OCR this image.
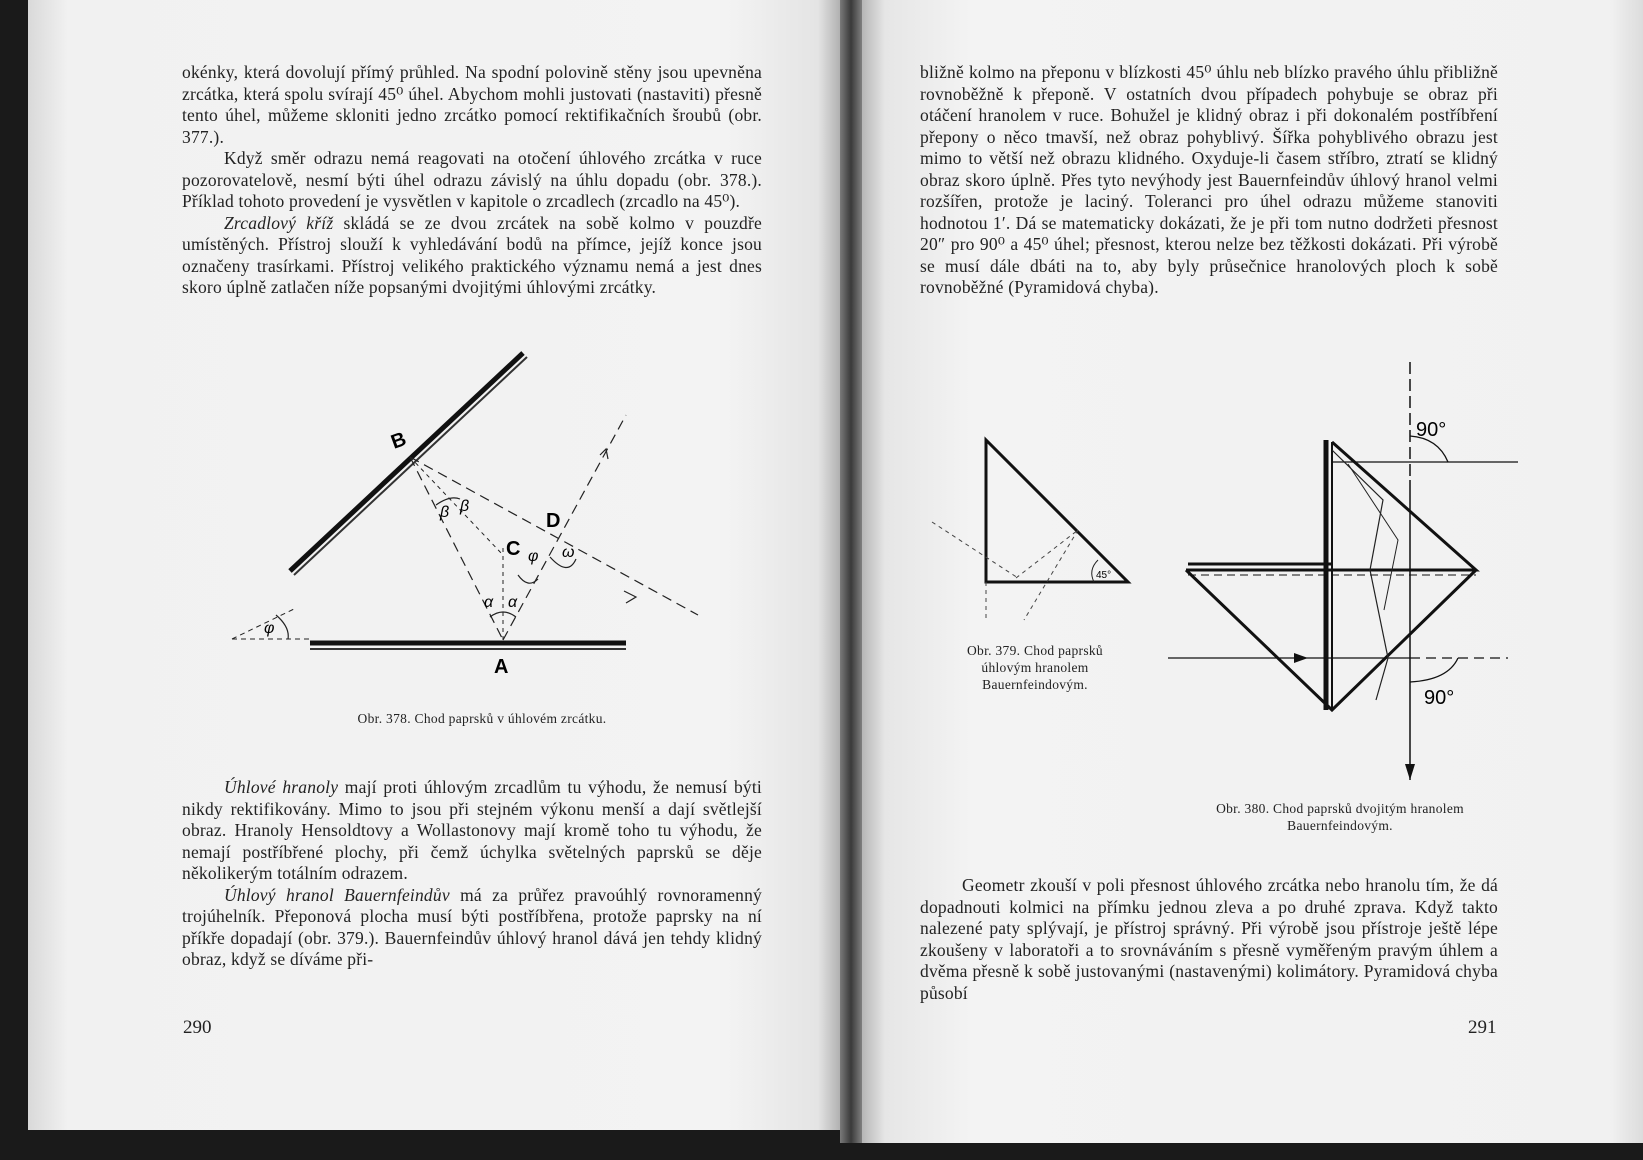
okénky, která dovolují přímý průhled. Na spodní polovině stěny jsou upevněna zrcátka, která spolu svírají 45⁰ úhel. Abychom mohli justovati (nastaviti) přesně tento úhel, můžeme skloniti jedno zrcátko pomocí rektifikačních šroubů (obr. 377.).

Když směr odrazu nemá reagovati na otočení úhlového zrcátka v ruce pozorovatelově, nesmí býti úhel odrazu závislý na úhlu dopadu (obr. 378.). Příklad tohoto provedení je vysvětlen v kapitole o zrcadlech (zrcadlo na 45⁰).

Zrcadlový kříž skládá se ze dvou zrcátek na sobě kolmo v pouzdře umístěných. Přístroj slouží k vyhledávání bodů na přímce, jejíž konce jsou označeny trasírkami. Přístroj velikého praktického významu nemá a jest dnes skoro úplně zatlačen níže popsanými dvojitými úhlovými zrcátky.

B
A
C
D
φ
φ
β β
α α
ω
Obr. 378. Chod paprsků v úhlovém zrcátku.

Úhlové hranoly mají proti úhlovým zrcadlům tu výhodu, že nemusí býti nikdy rektifikovány. Mimo to jsou při stejném výkonu menší a dají světlejší obraz. Hranoly Hensoldtovy a Wollastonovy mají kromě toho tu výhodu, že nemají postříbřené plochy, při čemž úchylka světelných paprsků se děje několikerým totálním odrazem.

Úhlový hranol Bauernfeindův má za průřez pravoúhlý rovnoramenný trojúhelník. Přeponová plocha musí býti postříbřena, protože paprsky na ní příkře dopadají (obr. 379.). Bauernfeindův úhlový hranol dává jen tehdy klidný obraz, když se díváme při-

290

bližně kolmo na přeponu v blízkosti 45⁰ úhlu neb blízko pravého úhlu přibližně rovnoběžně k přeponě. V ostatních dvou případech pohybuje se obraz při otáčení hranolem v ruce. Bohužel je klidný obraz i při dokonalém postříbření přepony o něco tmavší, než obraz pohyblivý. Šířka pohyblivého obrazu jest mimo to větší než obrazu klidného. Oxyduje-li časem stříbro, ztratí se klidný obraz skoro úplně. Přes tyto nevýhody jest Bauernfeindův úhlový hranol velmi rozšířen, protože je laciný. Toleranci pro úhel odrazu můžeme stanoviti hodnotou 1′. Dá se matematicky dokázati, že je při tom nutno dodržeti přesnost 20″ pro 90⁰ a 45⁰ úhel; přesnost, kterou nelze bez těžkosti dokázati. Při výrobě se musí dále dbáti na to, aby byly průsečnice hranolových ploch k sobě rovnoběžné (Pyramidová chyba).

45°
Obr. 379. Chod paprsků
úhlovým hranolem
Bauernfeindovým.
90°
90°
Obr. 380. Chod paprsků dvojitým hranolem
Bauernfeindovým.

Geometr zkouší v poli přesnost úhlového zrcátka nebo hranolu tím, že dá dopadnouti kolmici na přímku jednou zleva a po druhé zprava. Když takto nalezené paty splývají, je přístroj správný. Při výrobě jsou přístroje ještě lépe zkoušeny v laboratoři a to srovnáváním s přesně vyměřeným pravým úhlem a dvěma přesně k sobě justovanými (nastavenými) kolimátory. Pyramidová chyba působí

291
